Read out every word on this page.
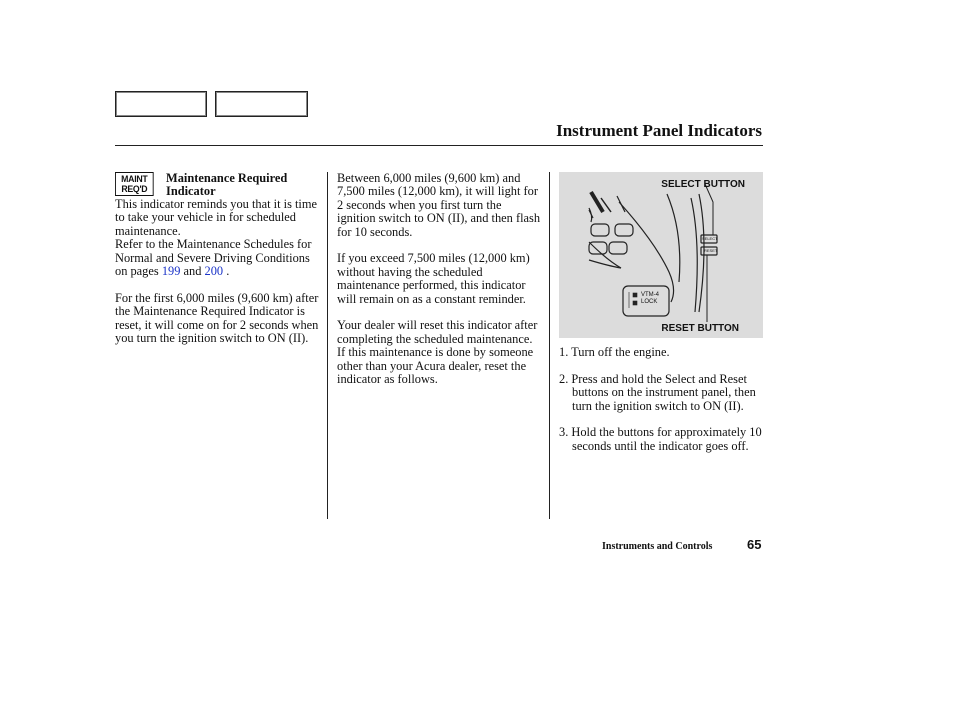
Instrument Panel Indicators
MAINT
REQ'D
Maintenance Required Indicator

This indicator reminds you that it is time to take your vehicle in for scheduled maintenance.

Refer to the Maintenance Schedules for Normal and Severe Driving Conditions on pages 199 and 200 .

For the first 6,000 miles (9,600 km) after the Maintenance Required Indicator is reset, it will come on for 2 seconds when you turn the ignition switch to ON (II).

Between 6,000 miles (9,600 km) and 7,500 miles (12,000 km), it will light for 2 seconds when you first turn the ignition switch to ON (II), and then flash for 10 seconds.

If you exceed 7,500 miles (12,000 km) without having the scheduled maintenance performed, this indicator will remain on as a constant reminder.

Your dealer will reset this indicator after completing the scheduled maintenance. If this maintenance is done by someone other than your Acura dealer, reset the indicator as follows.

SELECT BUTTON
RESET BUTTON
SELECT
RESET
VTM-4
LOCK

1. Turn off the engine.

2. Press and hold the Select and Reset buttons on the instrument panel, then turn the ignition switch to ON (II).

3. Hold the buttons for approximately 10 seconds until the indicator goes off.

Instruments and Controls	65
